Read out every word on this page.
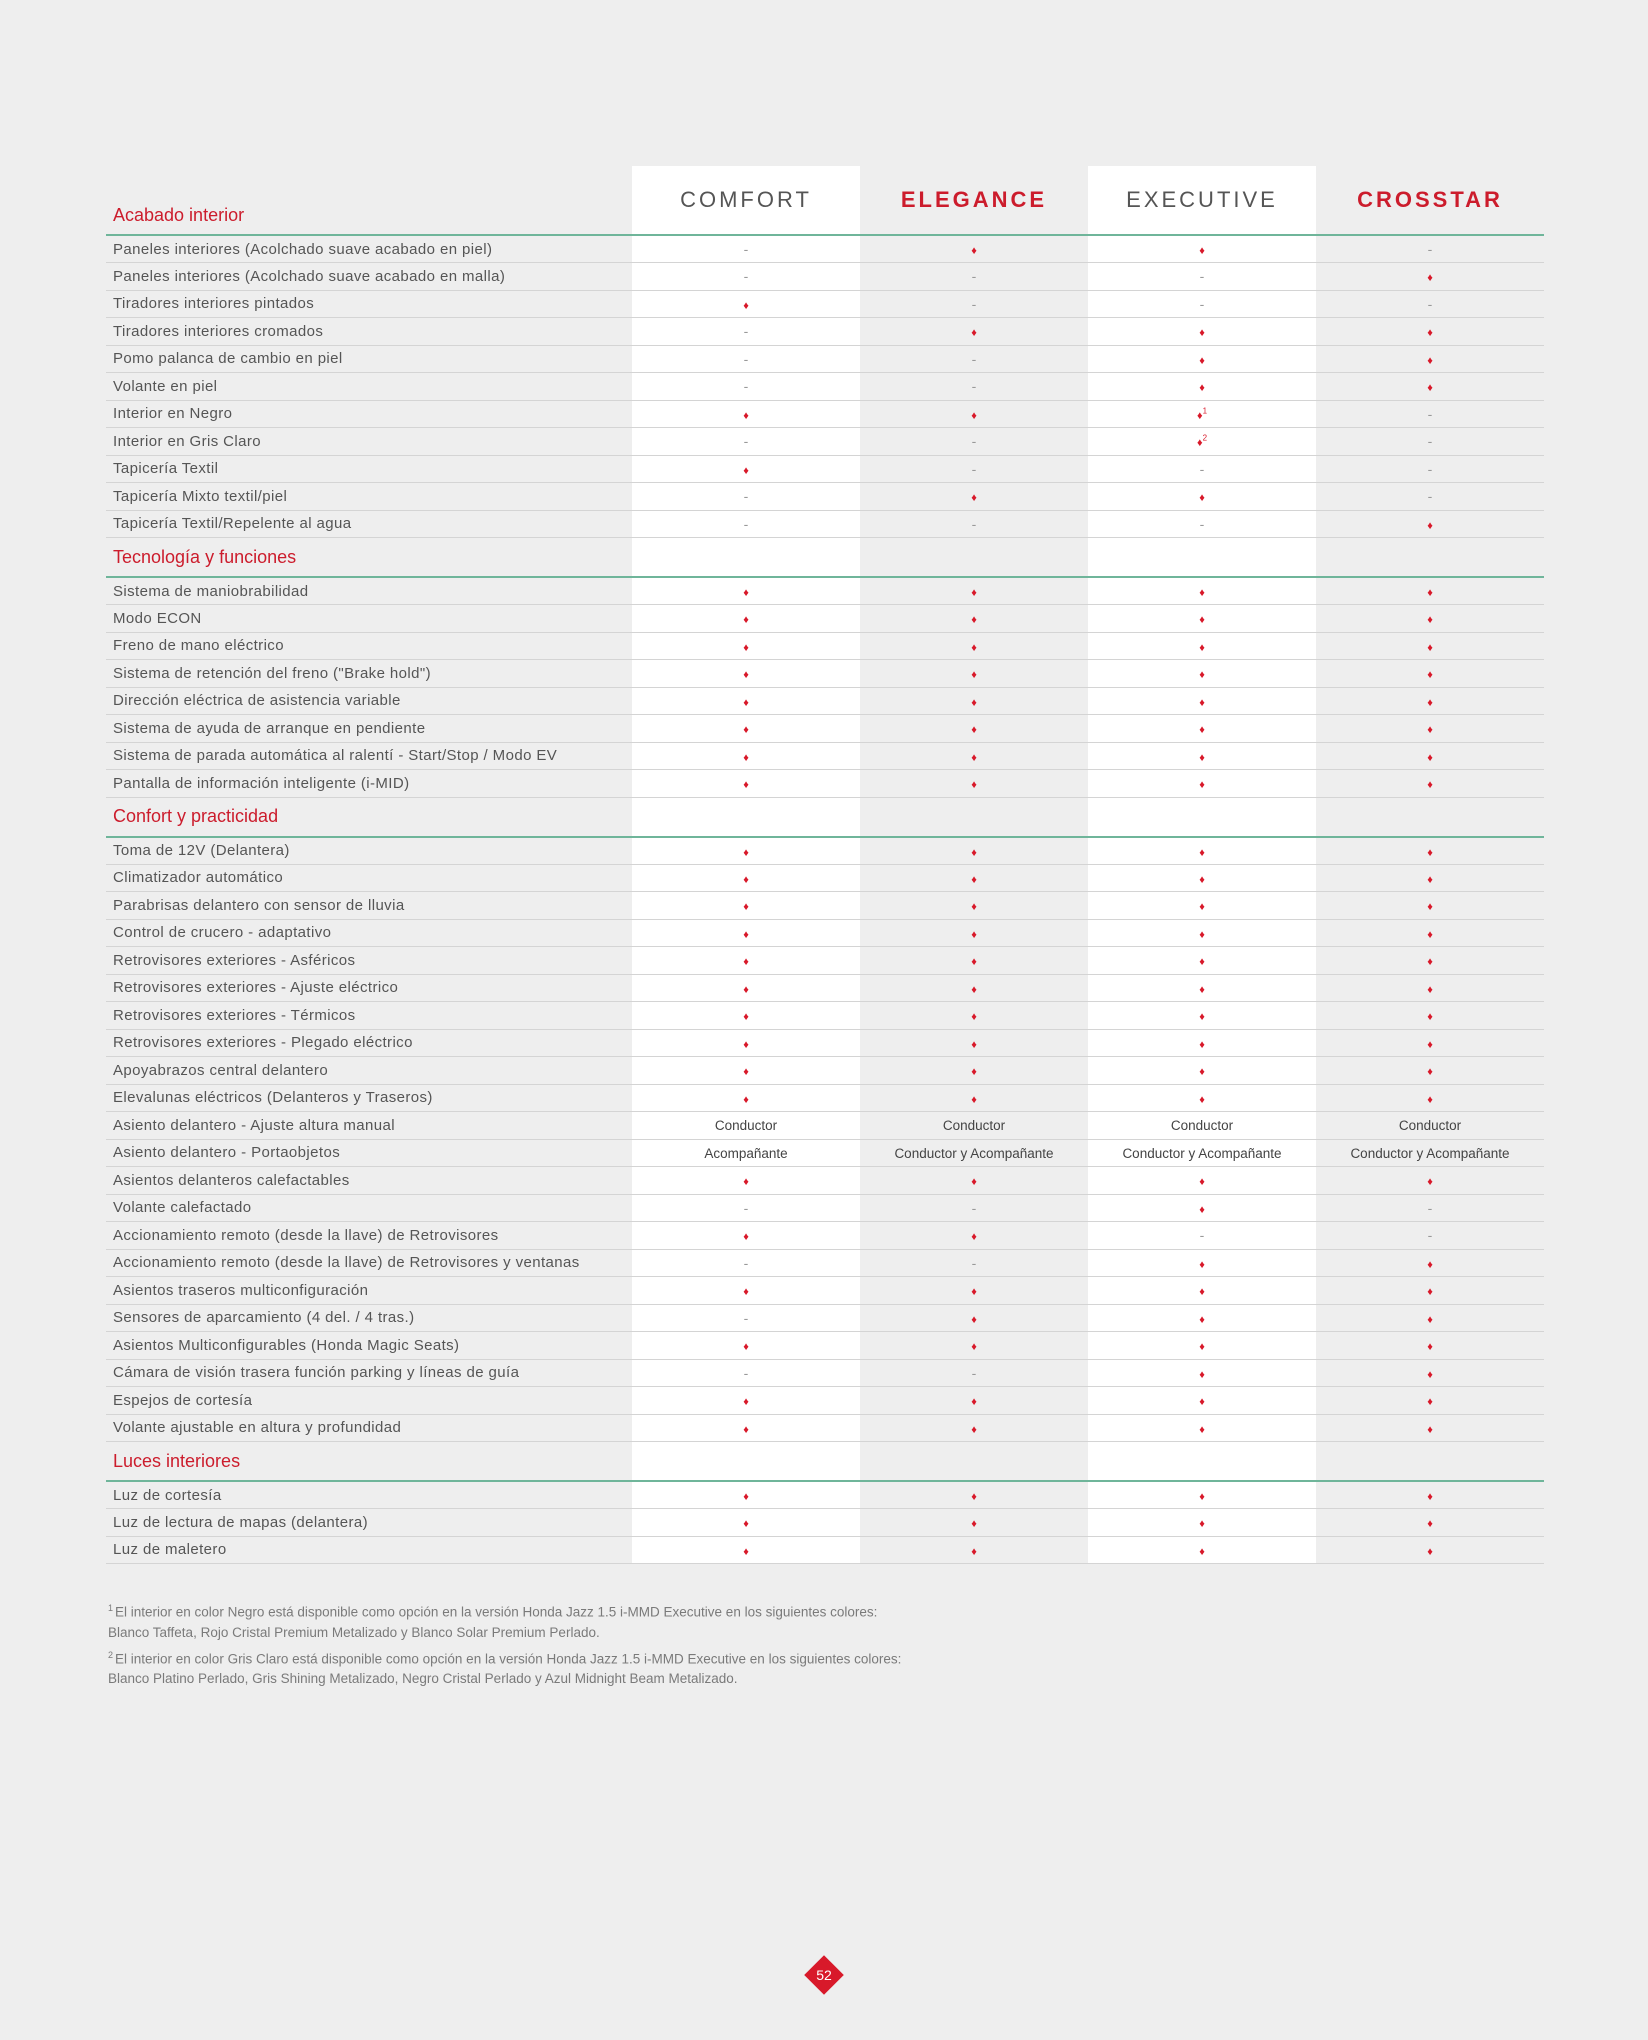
Acabado interior	COMFORT	ELEGANCE	EXECUTIVE	CROSSTAR
Paneles interiores (Acolchado suave acabado en piel)	-	♦	♦	-
Paneles interiores (Acolchado suave acabado en malla)	-	-	-	♦
Tiradores interiores pintados	♦	-	-	-
Tiradores interiores cromados	-	♦	♦	♦
Pomo palanca de cambio en piel	-	-	♦	♦
Volante en piel	-	-	♦	♦
Interior en Negro	♦	♦	♦$^1$	-
Interior en Gris Claro	-	-	♦$^2$	-
Tapicería Textil	♦	-	-	-
Tapicería Mixto textil/piel	-	♦	♦	-
Tapicería Textil/Repelente al agua	-	-	-	♦
Tecnología y funciones				
Sistema de maniobrabilidad	♦	♦	♦	♦
Modo ECON	♦	♦	♦	♦
Freno de mano eléctrico	♦	♦	♦	♦
Sistema de retención del freno ("Brake hold")	♦	♦	♦	♦
Dirección eléctrica de asistencia variable	♦	♦	♦	♦
Sistema de ayuda de arranque en pendiente	♦	♦	♦	♦
Sistema de parada automática al ralentí - Start/Stop / Modo EV	♦	♦	♦	♦
Pantalla de información inteligente (i-MID)	♦	♦	♦	♦
Confort y practicidad				
Toma de 12V (Delantera)	♦	♦	♦	♦
Climatizador automático	♦	♦	♦	♦
Parabrisas delantero con sensor de lluvia	♦	♦	♦	♦
Control de crucero - adaptativo	♦	♦	♦	♦
Retrovisores exteriores - Asféricos	♦	♦	♦	♦
Retrovisores exteriores - Ajuste eléctrico	♦	♦	♦	♦
Retrovisores exteriores - Térmicos	♦	♦	♦	♦
Retrovisores exteriores - Plegado eléctrico	♦	♦	♦	♦
Apoyabrazos central delantero	♦	♦	♦	♦
Elevalunas eléctricos (Delanteros y Traseros)	♦	♦	♦	♦
Asiento delantero - Ajuste altura manual	Conductor	Conductor	Conductor	Conductor
Asiento delantero - Portaobjetos	Acompañante	Conductor y Acompañante	Conductor y Acompañante	Conductor y Acompañante
Asientos delanteros calefactables	♦	♦	♦	♦
Volante calefactado	-	-	♦	-
Accionamiento remoto (desde la llave) de Retrovisores	♦	♦	-	-
Accionamiento remoto (desde la llave) de Retrovisores y ventanas	-	-	♦	♦
Asientos traseros multiconfiguración	♦	♦	♦	♦
Sensores de aparcamiento (4 del. / 4 tras.)	-	♦	♦	♦
Asientos Multiconfigurables (Honda Magic Seats)	♦	♦	♦	♦
Cámara de visión trasera función parking y líneas de guía	-	-	♦	♦
Espejos de cortesía	♦	♦	♦	♦
Volante ajustable en altura y profundidad	♦	♦	♦	♦
Luces interiores				
Luz de cortesía	♦	♦	♦	♦
Luz de lectura de mapas (delantera)	♦	♦	♦	♦
Luz de maletero	♦	♦	♦	♦

$^1$ El interior en color Negro está disponible como opción en la versión Honda Jazz 1.5 i-MMD Executive en los siguientes colores:
Blanco Taffeta, Rojo Cristal Premium Metalizado y Blanco Solar Premium Perlado.

$^2$ El interior en color Gris Claro está disponible como opción en la versión Honda Jazz 1.5 i-MMD Executive en los siguientes colores:
Blanco Platino Perlado, Gris Shining Metalizado, Negro Cristal Perlado y Azul Midnight Beam Metalizado.

52
